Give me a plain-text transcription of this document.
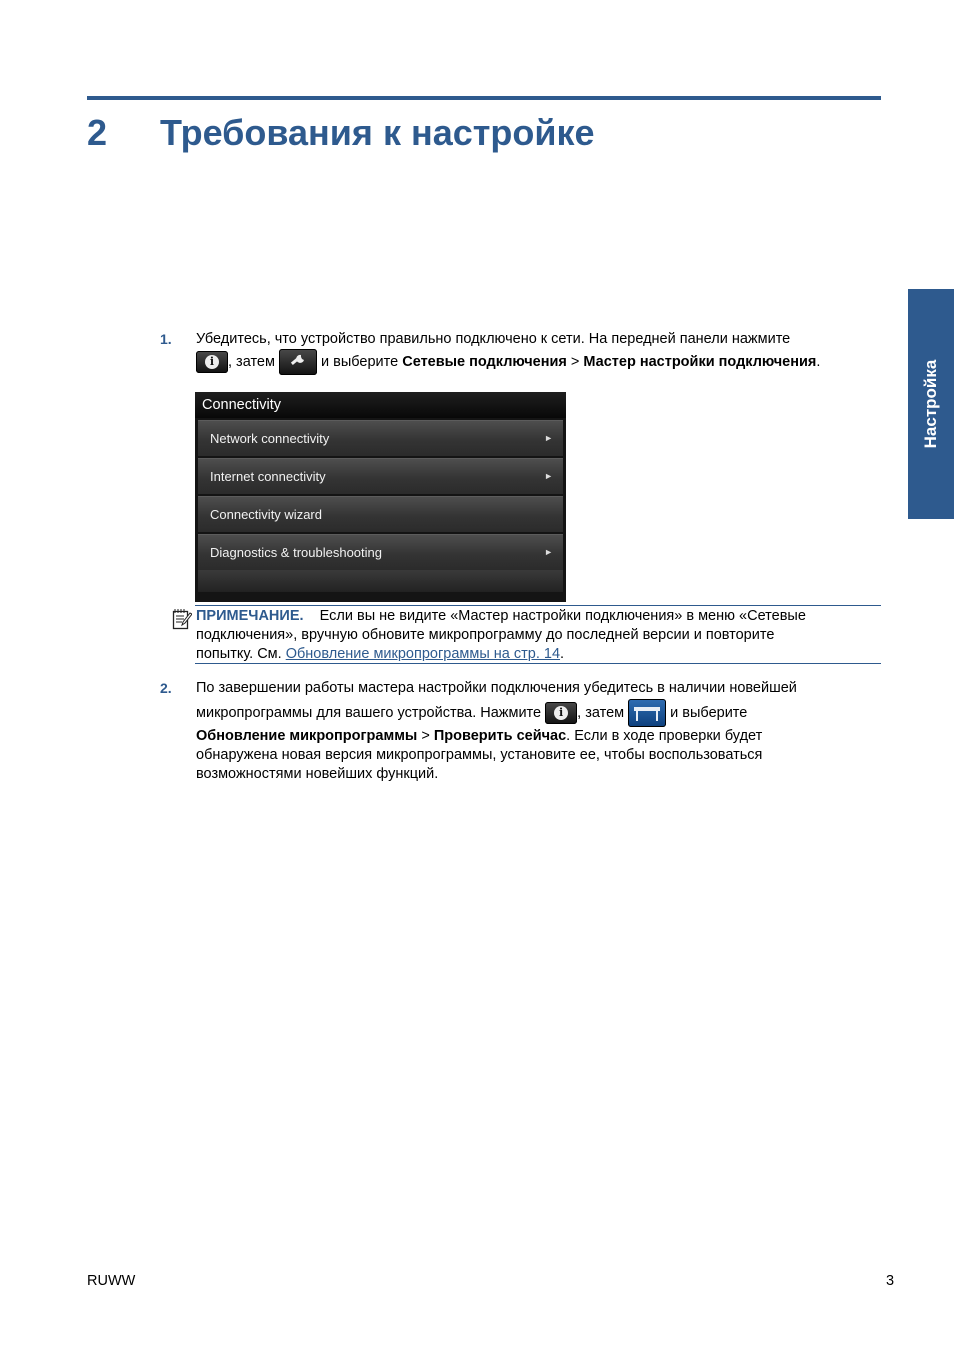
2 Требования к настройке
Настройка
1. Убедитесь, что устройство правильно подключено к сети. На передней панели нажмите
i , затем	и выберите Сетевые подключения > Мастер настройки подключения.
Connectivity
Network connectivity	►
Internet connectivity	►
Connectivity wizard
Diagnostics & troubleshooting	►
ПРИМЕЧАНИЕ. Если вы не видите «Мастер настройки подключения» в меню «Сетевые
подключения», вручную обновите микропрограмму до последней версии и повторите
попытку. См. Обновление микропрограммы на стр. 14.
2. По завершении работы мастера настройки подключения убедитесь в наличии новейшей
микропрограммы для вашего устройства. Нажмите	i , затем	и выберите
Обновление микропрограммы > Проверить сейчас. Если в ходе проверки будет
обнаружена новая версия микропрограммы, установите ее, чтобы воспользоваться
возможностями новейших функций.
RUWW	3
